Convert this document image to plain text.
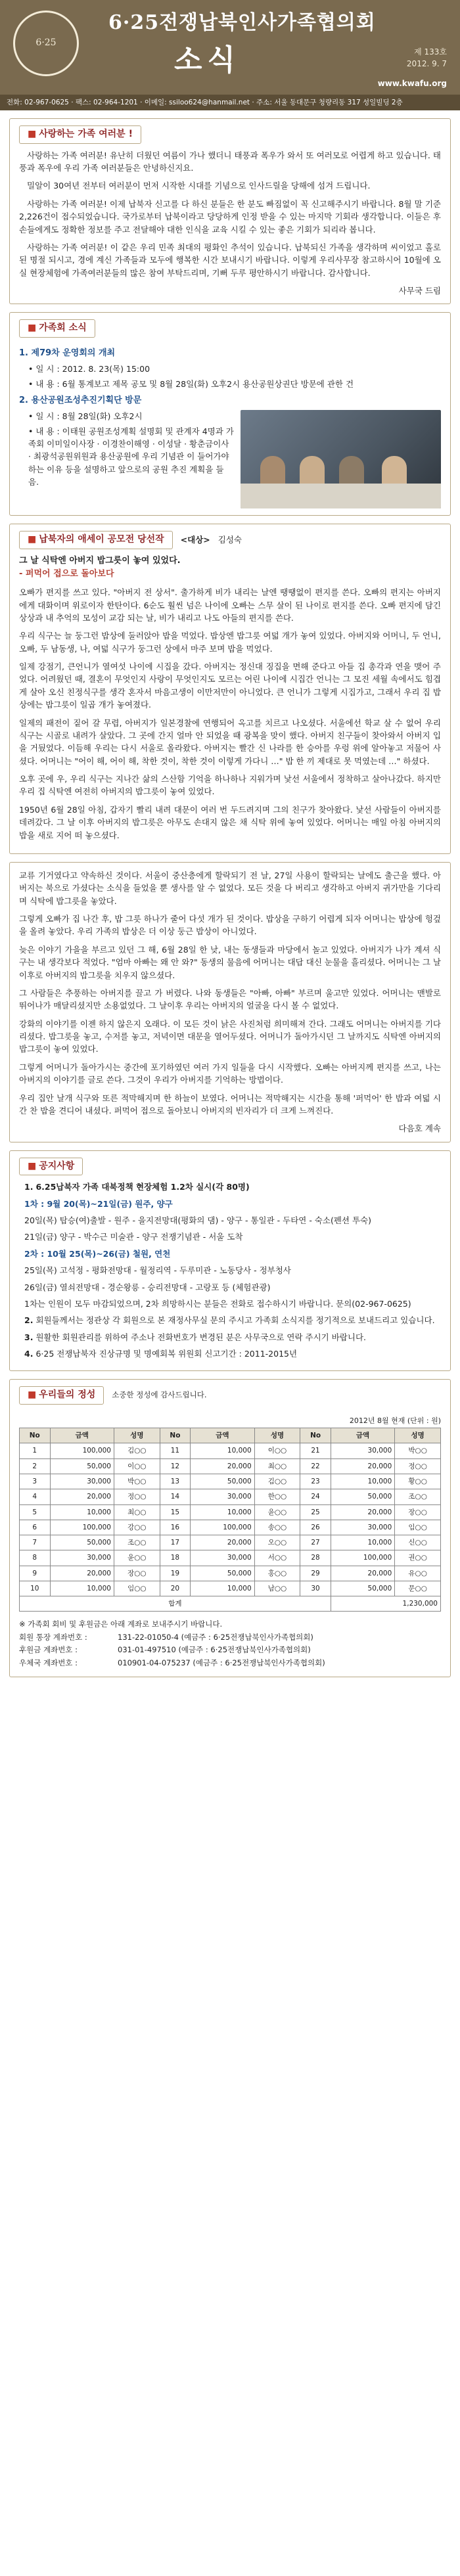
6·25
6·25전쟁납북인사가족협의회
소식	제 133호
2012. 9. 7
www.kwafu.org
전화: 02-967-0625 · 팩스: 02-964-1201 · 이메일: ssiloo624@hanmail.net · 주소: 서울 동대문구 청량리동 317 성일빌딩 2층
■ 사랑하는 가족 여러분 !

사랑하는 가족 여러분! 유난히 더웠던 여름이 가나 했더니 태풍과 폭우가 와서 또 여러모로 어렵게 하고 있습니다. 태풍과 폭우에 우리 가족 여러분들은 안녕하신지요.

밀알이 30여년 전부터 여러분이 먼저 시작한 시대를 기념으로 인사드릴을 당해에 섬겨 드립니다.

사랑하는 가족 여러분! 이제 납북자 신고를 다 하신 분들은 한 분도 빠짐없이 꼭 신고해주시기 바랍니다. 8월 말 기준 2,226건이 접수되었습니다. 국가로부터 납북이라고 당당하게 인정 받을 수 있는 마지막 기회라 생각합니다. 이들은 후손들에게도 정확한 정보를 주고 전달해야 대한 인식을 교육 시킬 수 있는 좋은 기회가 되리라 봅니다.

사랑하는 가족 여러분! 이 같은 우리 민족 최대의 평화인 추석이 있습니다. 납북되신 가족을 생각하며 씨이었고 홀로된 명절 되시고, 경에 계신 가족들과 모두에 행복한 시간 보내시기 바랍니다. 이렇게 우리사무장 참고하시어 10월에 오실 현장체험에 가족여러분들의 많은 참여 부탁드리며, 기뻐 두루 평안하시기 바랍니다. 감사합니다.

사무국 드림
■ 가족회 소식
1. 제79차 운영회의 개최
• 일 시 : 2012. 8. 23(목) 15:00
• 내 용 : 6월 통계보고 제목 공모 및 8월 28일(화) 오후2시 용산공원상권단 방문에 관한 건
2. 용산공원조성추진기획단 방문
• 일 시 : 8월 28일(화) 오후2시
• 내 용 : 이태원 공원조성계획 설명회 및 관계자 4명과 가족회 이미일이사장 · 이경찬이해영 · 이성달 · 황춘금이사 · 최광석공원위원과 용산공원에 우리 기념관 이 들어가야 하는 이유 등을 설명하고 앞으로의 공원 추진 계획을 들음.
■ 납북자의 애세이 공모전 당선작	<대상> 김성숙
그 날 식탁엔 아버지 밥그릇이 놓여 있었다.
- 퍼먹어 접으로 돌아보다

오빠가 편지를 쓰고 있다. "아버지 전 상서". 출가하게 비가 내리는 날엔 땡땡없이 편지를 쓴다. 오빠의 편지는 아버지에게 대화이며 위로이자 한탄이다. 6순도 훨씬 넘은 나이에 오빠는 스무 살이 된 나이로 편지를 쓴다. 오빠 편지에 담긴 상상과 내 추억의 모성이 교감 되는 날, 비가 내리고 나도 아들의 편지를 쓴다.

우리 식구는 늘 둥그런 밥상에 둘러앉아 밥을 먹었다. 밥상엔 밥그릇 여덟 개가 놓여 있었다. 아버지와 어머니, 두 언니, 오빠, 두 남동생, 나, 여덟 식구가 둥그런 상에서 마주 보며 밥을 먹었다.

일제 강점기, 큰언니가 열여섯 나이에 시집을 갔다. 아버지는 정신대 징집을 면해 준다고 아들 집 총각과 연을 맺어 주었다. 어려웠던 때, 결혼이 무엇인지 사랑이 무엇인지도 모르는 어린 나이에 시집간 언니는 그 모진 세월 속에서도 힘겹게 살아 오신 친정식구를 생각 혼자서 마음고생이 이만저만이 아니었다. 큰 언니가 그렇게 시집가고, 그래서 우리 집 밥상에는 밥그릇이 일곱 개가 놓여졌다.

일제의 패전이 짙어 갈 무렵, 아버지가 일본경찰에 연행되어 옥고를 치르고 나오셨다. 서울에선 학교 살 수 없어 우리 식구는 시골로 내려가 살았다. 그 곳에 간지 얼마 안 되었을 때 광복을 맞이 했다. 아버지 친구들이 찾아와서 아버지 입을 거뒀었다. 이듬해 우리는 다시 서울로 올라왔다. 아버지는 빨간 신 나라를 한 승아를 우렁 위에 알아놓고 저물어 사셨다. 어머니는 "어이 해, 어이 해, 착한 것이, 착한 것이 이렇게 가다니 …" 밥 한 끼 제대로 못 먹였는데 …" 하셨다.

오후 곳에 우, 우리 식구는 지나간 삶의 스산함 기억을 하나하나 지워가며 낯선 서울에서 정착하고 살아나갔다. 하지만 우리 집 식탁엔 여전히 아버지의 밥그릇이 놓여 있었다.

1950년 6월 28일 아침, 갑자기 빨리 내려 대문이 여러 번 두드려지며 그의 친구가 찾아왔다. 낯선 사람들이 아버지를 데려갔다. 그 날 이후 아버지의 밥그릇은 아무도 손대지 않은 채 식탁 위에 놓여 있었다. 어머니는 매일 아침 아버지의 밥을 새로 지어 떠 놓으셨다.

교류 기거였다고 약속하신 것이다. 서울이 중산층에게 할락되기 전 날, 27일 사용이 할락되는 날에도 출근을 했다. 아버지는 북으로 가셨다는 소식을 들었을 뿐 생사를 알 수 없었다. 모든 것을 다 버리고 생각하고 아버지 귀가만을 기다리며 식탁에 밥그릇을 놓았다.

그렇게 오빠가 집 나간 후, 밥 그릇 하나가 줄어 다섯 개가 된 것이다. 밥상을 구하기 어렵게 되자 어머니는 밥상에 헝겊을 올려 놓았다. 우리 가족의 밥상은 더 이상 둥근 밥상이 아니었다.

늦은 이야기 가을을 부르고 있던 그 해, 6월 28일 한 낮, 내는 동생들과 마당에서 놀고 있었다. 아버지가 나가 계셔 식구는 내 생각보다 적었다. "엄마 아빠는 왜 안 와?" 동생의 물음에 어머니는 대답 대신 눈물을 흘리셨다. 어머니는 그 날 이후로 아버지의 밥그릇을 치우지 않으셨다.

그 사람들은 추풍하는 아버지를 끌고 가 버렸다. 나와 동생들은 "아빠, 아빠" 부르며 울고만 있었다. 어머니는 맨발로 뛰어나가 매달리셨지만 소용없었다. 그 날이후 우리는 아버지의 얼굴을 다시 볼 수 없었다.

강화의 이야기를 이젠 하지 않은지 오래다. 이 모든 것이 낡은 사진처럼 희미해져 간다. 그래도 어머니는 아버지를 기다리셨다. 밥그릇을 놓고, 수저를 놓고, 저녁이면 대문을 열어두셨다. 어머니가 돌아가시던 그 날까지도 식탁엔 아버지의 밥그릇이 놓여 있었다.

그렇게 어머니가 돌아가시는 중간에 포기하였던 여러 가지 일들을 다시 시작했다. 오빠는 아버지께 편지를 쓰고, 나는 아버지의 이야기를 글로 쓴다. 그것이 우리가 아버지를 기억하는 방법이다.

우리 집안 날개 식구와 또른 적막해지며 한 하늘이 보였다. 어머니는 적막해지는 시간을 통해 '퍼먹어' 한 밥과 여덟 시간 찬 밥을 견디어 내셨다. 퍼먹어 접으로 돌아보니 아버지의 빈자리가 더 크게 느껴진다.

다음호 계속
■ 공지사항
1. 6.25납북자 가족 대북정책 현장체험 1.2차 실시(각 80명)
1차 : 9월 20(목)~21일(금) 원주, 양구
20일(목) 탑승(여)출발 - 원주 - 을지전망대(평화의 댐) - 양구 - 통일관 - 두타연 - 숙소(펜션 투숙)
21일(금) 양구 - 박수근 미술관 - 양구 전쟁기념관 - 서울 도착
2차 : 10월 25(목)~26(금) 철원, 연천
25일(목) 고석정 - 평화전망대 - 월정리역 - 두루미관 - 노동당사 - 정부청사
26일(금) 열쇠전망대 - 경순왕릉 - 승리전망대 - 고랑포 등 (체험관광)
1차는 인원이 모두 마감되었으며, 2차 희망하시는 분들은 전화로 접수하시기 바랍니다. 문의(02-967-0625)
2. 회원들께서는 정관상 각 회원으로 본 재정사무실 문의 주시고 가족회 소식지를 정기적으로 보내드리고 있습니다.
3. 원활한 회원관리를 위하여 주소나 전화번호가 변경된 분은 사무국으로 연락 주시기 바랍니다.
4. 6·25 전쟁납북자 진상규명 및 명예회복 위원회 신고기간 : 2011-2015년
■ 우리들의 정성 소중한 정성에 감사드립니다.
2012년 8월 현재 (단위 : 원)
No	금액	성명	No	금액	성명	No	금액	성명
1	100,000	김○○	11	10,000	이○○	21	30,000	박○○
2	50,000	이○○	12	20,000	최○○	22	20,000	정○○
3	30,000	박○○	13	50,000	김○○	23	10,000	황○○
4	20,000	정○○	14	30,000	한○○	24	50,000	조○○
5	10,000	최○○	15	10,000	윤○○	25	20,000	장○○
6	100,000	강○○	16	100,000	송○○	26	30,000	임○○
7	50,000	조○○	17	20,000	오○○	27	10,000	신○○
8	30,000	윤○○	18	30,000	서○○	28	100,000	권○○
9	20,000	장○○	19	50,000	홍○○	29	20,000	유○○
10	10,000	임○○	20	10,000	남○○	30	50,000	문○○
합계							1,230,000	
※ 가족회 회비 및 후원금은 아래 계좌로 보내주시기 바랍니다.
회원 통장 계좌번호 :	131-22-01050-4 (예금주 : 6·25전쟁납북인사가족협의회)
후원금 계좌번호 :	031-01-497510 (예금주 : 6·25전쟁납북인사가족협의회)
우체국 계좌번호 :	010901-04-075237 (예금주 : 6·25전쟁납북인사가족협의회)
